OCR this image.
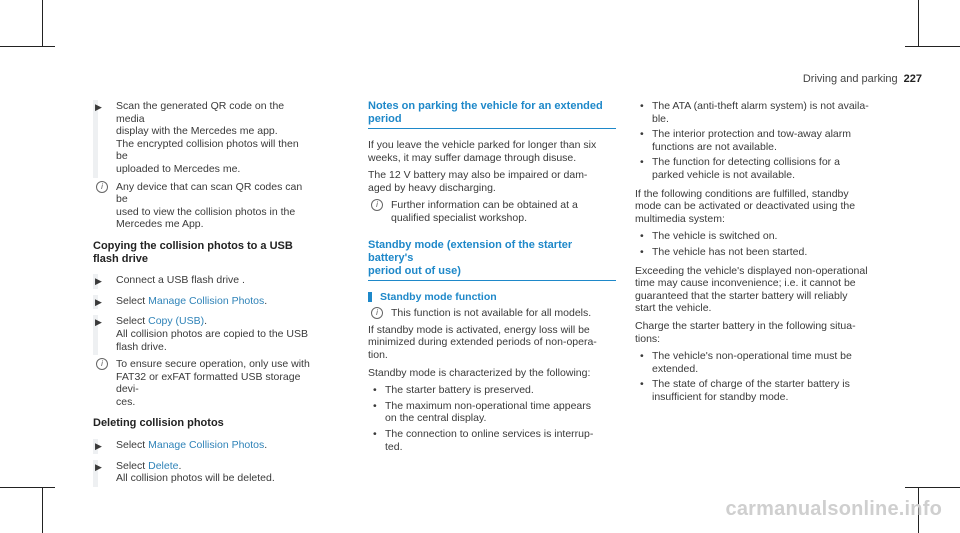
Driving and parking 227
▶ Scan the generated QR code on the media
display with the Mercedes me app.
The encrypted collision photos will then be
uploaded to Mercedes me.
i	Any device that can scan QR codes can be
used to view the collision photos in the
Mercedes me App.
Copying the collision photos to a USB flash drive
▶ Connect a USB flash drive .
▶ Select Manage Collision Photos.
▶ Select Copy (USB).
All collision photos are copied to the USB
flash drive.
i	To ensure secure operation, only use with
FAT32 or exFAT formatted USB storage devi-
ces.
Deleting collision photos
▶ Select Manage Collision Photos.
▶ Select Delete.
All collision photos will be deleted.
Notes on parking the vehicle for an extended
period

If you leave the vehicle parked for longer than six
weeks, it may suffer damage through disuse.

The 12 V battery may also be impaired or dam-
aged by heavy discharging.

i	Further information can be obtained at a
qualified specialist workshop.
Standby mode (extension of the starter battery's
period out of use)
Standby mode function
i	This function is not available for all models.

If standby mode is activated, energy loss will be
minimized during extended periods of non-opera-
tion.

Standby mode is characterized by the following:

• The starter battery is preserved.
• The maximum non-operational time appears
on the central display.
• The connection to online services is interrup-
ted.
• The ATA (anti-theft alarm system) is not availa-
ble.
• The interior protection and tow-away alarm
functions are not available.
• The function for detecting collisions for a
parked vehicle is not available.

If the following conditions are fulfilled, standby
mode can be activated or deactivated using the
multimedia system:

• The vehicle is switched on.
• The vehicle has not been started.

Exceeding the vehicle's displayed non-operational
time may cause inconvenience; i.e. it cannot be
guaranteed that the starter battery will reliably
start the vehicle.

Charge the starter battery in the following situa-
tions:

• The vehicle's non-operational time must be
extended.
• The state of charge of the starter battery is
insufficient for standby mode.
carmanualsonline.info
